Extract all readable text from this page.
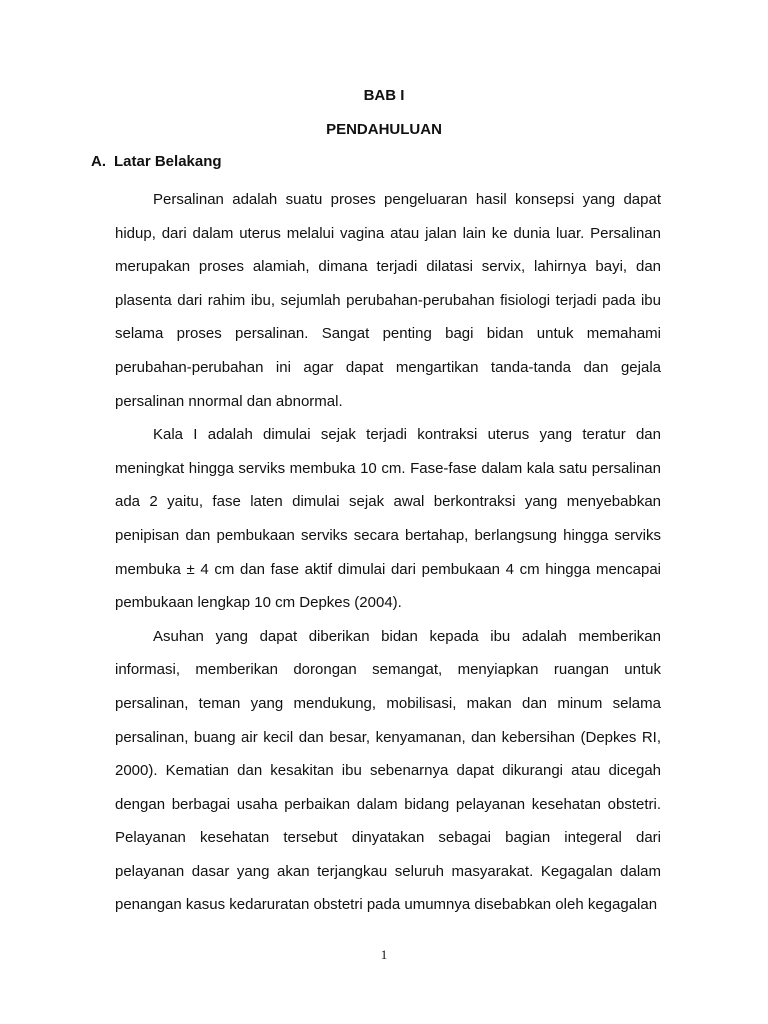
BAB I
PENDAHULUAN
A. Latar Belakang

Persalinan adalah suatu proses pengeluaran hasil konsepsi yang dapat hidup, dari dalam uterus melalui vagina atau jalan lain ke dunia luar. Persalinan merupakan proses alamiah, dimana terjadi dilatasi servix, lahirnya bayi, dan plasenta dari rahim ibu, sejumlah perubahan-perubahan fisiologi terjadi pada ibu selama proses persalinan. Sangat penting bagi bidan untuk memahami perubahan-perubahan ini agar dapat mengartikan tanda-tanda dan gejala persalinan nnormal dan abnormal.

Kala I adalah dimulai sejak terjadi kontraksi uterus yang teratur dan meningkat hingga serviks membuka 10 cm. Fase-fase dalam kala satu persalinan ada 2 yaitu, fase laten dimulai sejak awal berkontraksi yang menyebabkan penipisan dan pembukaan serviks secara bertahap, berlangsung hingga serviks membuka ± 4 cm dan fase aktif dimulai dari pembukaan 4 cm hingga mencapai pembukaan lengkap 10 cm Depkes (2004).

Asuhan yang dapat diberikan bidan kepada ibu adalah memberikan informasi, memberikan dorongan semangat, menyiapkan ruangan untuk persalinan, teman yang mendukung, mobilisasi, makan dan minum selama persalinan, buang air kecil dan besar, kenyamanan, dan kebersihan (Depkes RI, 2000). Kematian dan kesakitan ibu sebenarnya dapat dikurangi atau dicegah dengan berbagai usaha perbaikan dalam bidang pelayanan kesehatan obstetri. Pelayanan kesehatan tersebut dinyatakan sebagai bagian integeral dari pelayanan dasar yang akan terjangkau seluruh masyarakat. Kegagalan dalam penangan kasus kedaruratan obstetri pada umumnya disebabkan oleh kegagalan

1
